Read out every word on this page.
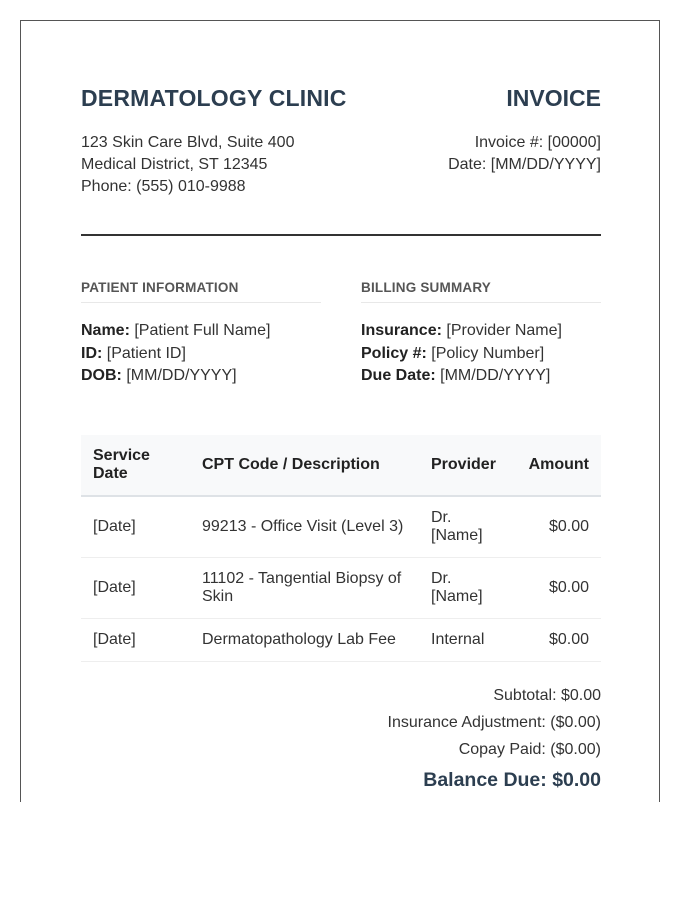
DERMATOLOGY CLINIC	INVOICE
123 Skin Care Blvd, Suite 400
Medical District, ST 12345
Phone: (555) 010-9988
Invoice #: [00000]
Date: [MM/DD/YYYY]
PATIENT INFORMATION
Name: [Patient Full Name]
ID: [Patient ID]
DOB: [MM/DD/YYYY]
BILLING SUMMARY
Insurance: [Provider Name]
Policy #: [Policy Number]
Due Date: [MM/DD/YYYY]
Service Date	CPT Code / Description	Provider	Amount
[Date]	99213 - Office Visit (Level 3)	Dr. [Name]	$0.00
[Date]	11102 - Tangential Biopsy of Skin	Dr. [Name]	$0.00
[Date]	Dermatopathology Lab Fee	Internal	$0.00
Subtotal: $0.00
Insurance Adjustment: ($0.00)
Copay Paid: ($0.00)
Balance Due: $0.00
